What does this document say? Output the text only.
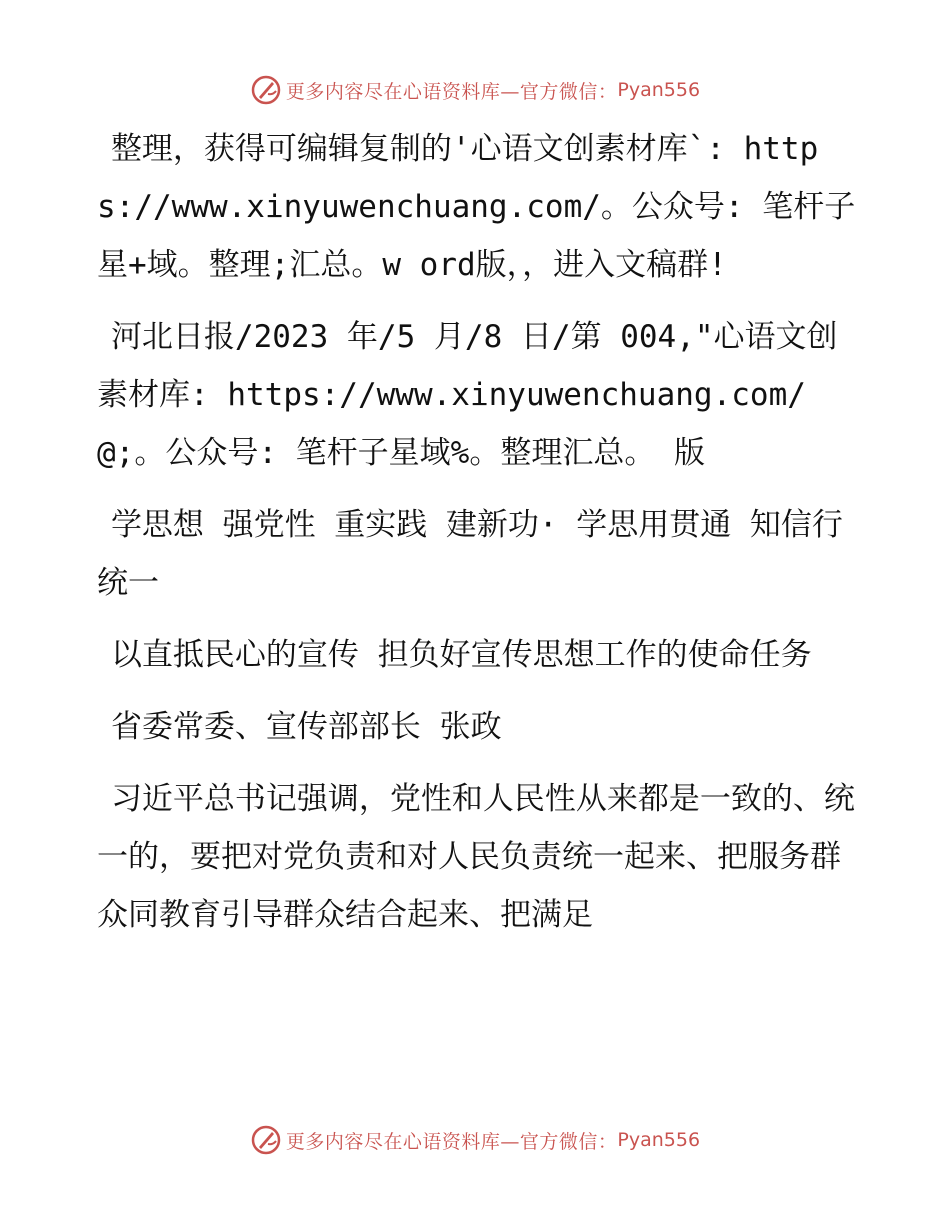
更多内容尽在心语资料库—官方微信： Pyan556

整理，获得可编辑复制的'心语文创素材库`: https://www.xinyuwenchuang.com/。公众号: 笔杆子星+域。整理;汇总。w ord版，，进入文稿群!

河北日报/2023 年/5 月/8 日/第 004,"心语文创素材库: https://www.xinyuwenchuang.com/@;。公众号: 笔杆子星域%。整理汇总。 版

学思想 强党性 重实践 建新功· 学思用贯通 知信行统一

以直抵民心的宣传 担负好宣传思想工作的使命任务

省委常委、宣传部部长 张政

习近平总书记强调，党性和人民性从来都是一致的、统一的，要把对党负责和对人民负责统一起来、把服务群众同教育引导群众结合起来、把满足

更多内容尽在心语资料库—官方微信： Pyan556
